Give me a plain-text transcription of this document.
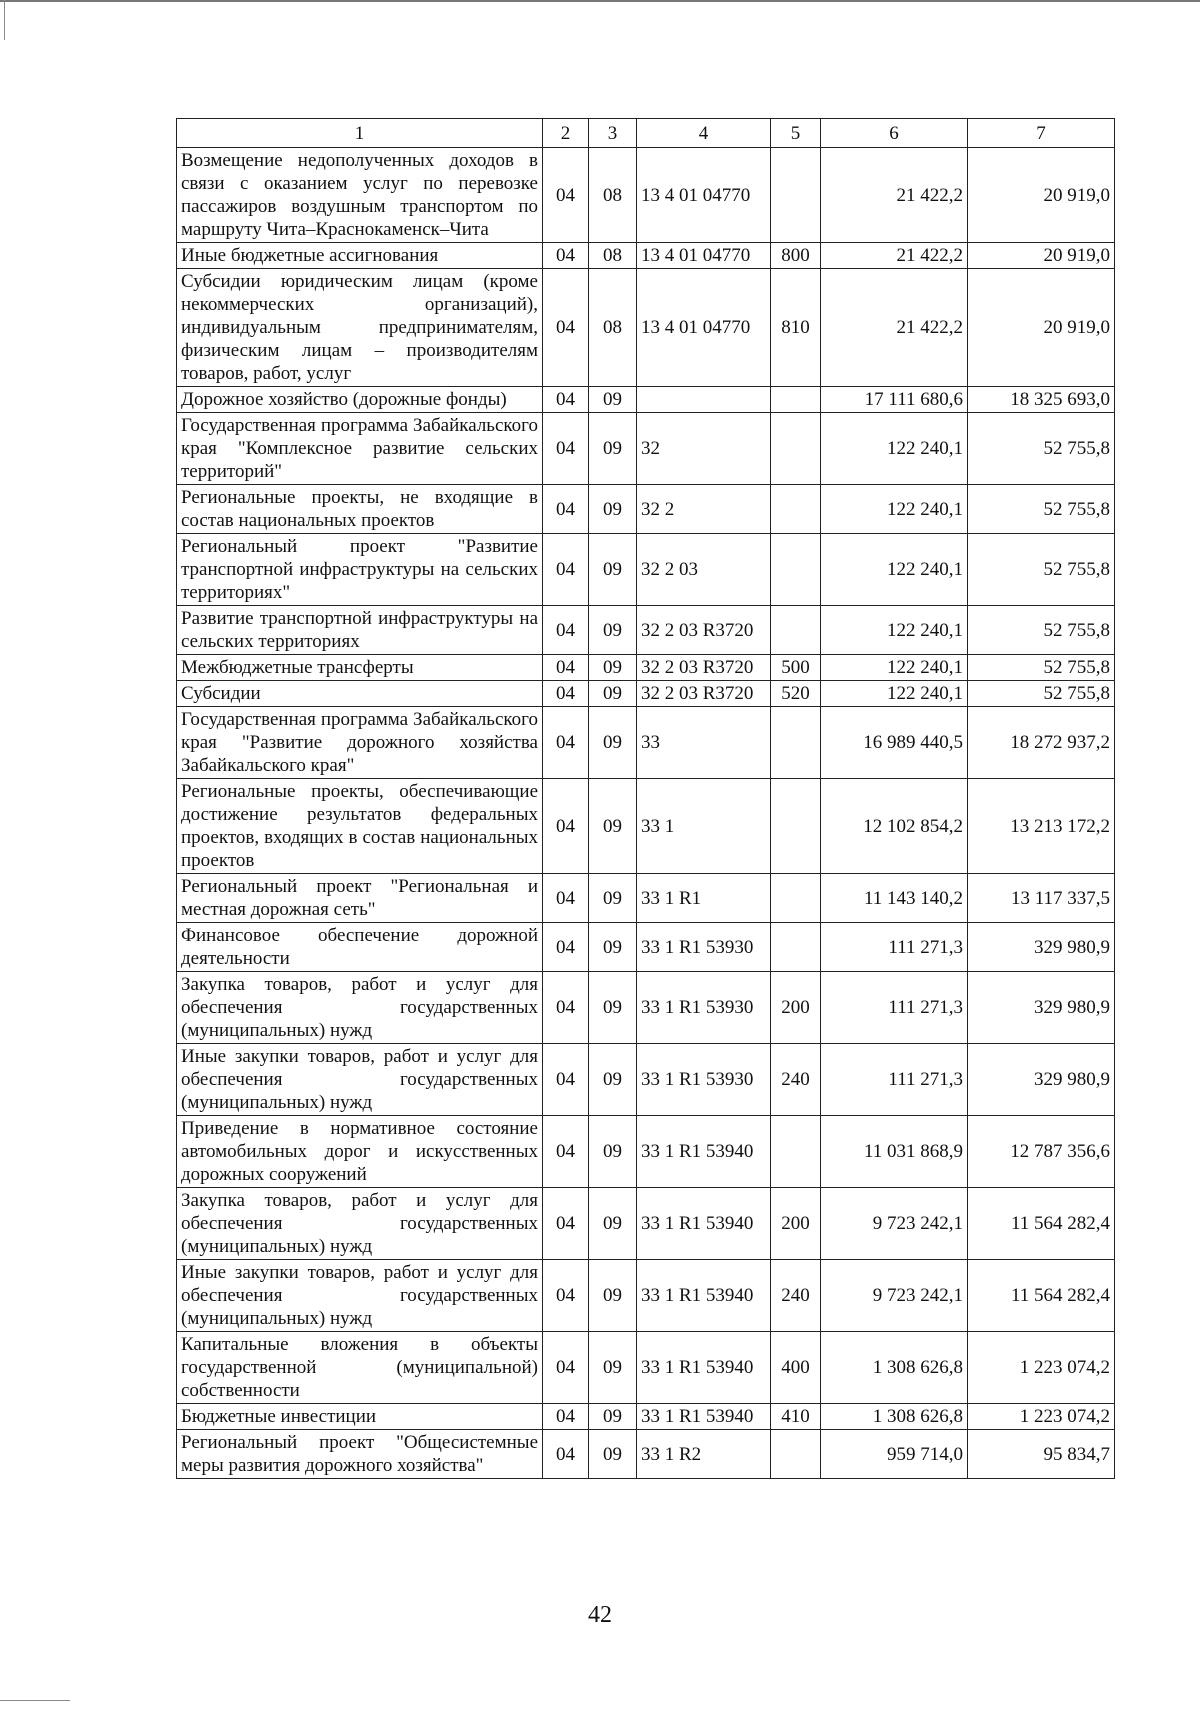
1	2	3	4	5	6	7
Возмещение недополученных доходов в связи с оказанием услуг по перевозке пассажиров воздушным транспортом по маршруту Чита–Краснокаменск–Чита	04	08	13 4 01 04770		21 422,2	20 919,0
Иные бюджетные ассигнования	04	08	13 4 01 04770	800	21 422,2	20 919,0
Субсидии юридическим лицам (кроме некоммерческих организаций), индивидуальным предпринимателям, физическим лицам – производителям товаров, работ, услуг	04	08	13 4 01 04770	810	21 422,2	20 919,0
Дорожное хозяйство (дорожные фонды)	04	09			17 111 680,6	18 325 693,0
Государственная программа Забайкальского края "Комплексное развитие сельских территорий"	04	09	32		122 240,1	52 755,8
Региональные проекты, не входящие в состав национальных проектов	04	09	32 2		122 240,1	52 755,8
Региональный проект "Развитие транспортной инфраструктуры на сельских территориях"	04	09	32 2 03		122 240,1	52 755,8
Развитие транспортной инфраструктуры на сельских территориях	04	09	32 2 03 R3720		122 240,1	52 755,8
Межбюджетные трансферты	04	09	32 2 03 R3720	500	122 240,1	52 755,8
Субсидии	04	09	32 2 03 R3720	520	122 240,1	52 755,8
Государственная программа Забайкальского края "Развитие дорожного хозяйства Забайкальского края"	04	09	33		16 989 440,5	18 272 937,2
Региональные проекты, обеспечивающие достижение результатов федеральных проектов, входящих в состав национальных проектов	04	09	33 1		12 102 854,2	13 213 172,2
Региональный проект "Региональная и местная дорожная сеть"	04	09	33 1 R1		11 143 140,2	13 117 337,5
Финансовое обеспечение дорожной деятельности	04	09	33 1 R1 53930		111 271,3	329 980,9
Закупка товаров, работ и услуг для обеспечения государственных (муниципальных) нужд	04	09	33 1 R1 53930	200	111 271,3	329 980,9
Иные закупки товаров, работ и услуг для обеспечения государственных (муниципальных) нужд	04	09	33 1 R1 53930	240	111 271,3	329 980,9
Приведение в нормативное состояние автомобильных дорог и искусственных дорожных сооружений	04	09	33 1 R1 53940		11 031 868,9	12 787 356,6
Закупка товаров, работ и услуг для обеспечения государственных (муниципальных) нужд	04	09	33 1 R1 53940	200	9 723 242,1	11 564 282,4
Иные закупки товаров, работ и услуг для обеспечения государственных (муниципальных) нужд	04	09	33 1 R1 53940	240	9 723 242,1	11 564 282,4
Капитальные вложения в объекты государственной (муниципальной) собственности	04	09	33 1 R1 53940	400	1 308 626,8	1 223 074,2
Бюджетные инвестиции	04	09	33 1 R1 53940	410	1 308 626,8	1 223 074,2
Региональный проект "Общесистемные меры развития дорожного хозяйства"	04	09	33 1 R2		959 714,0	95 834,7
42
